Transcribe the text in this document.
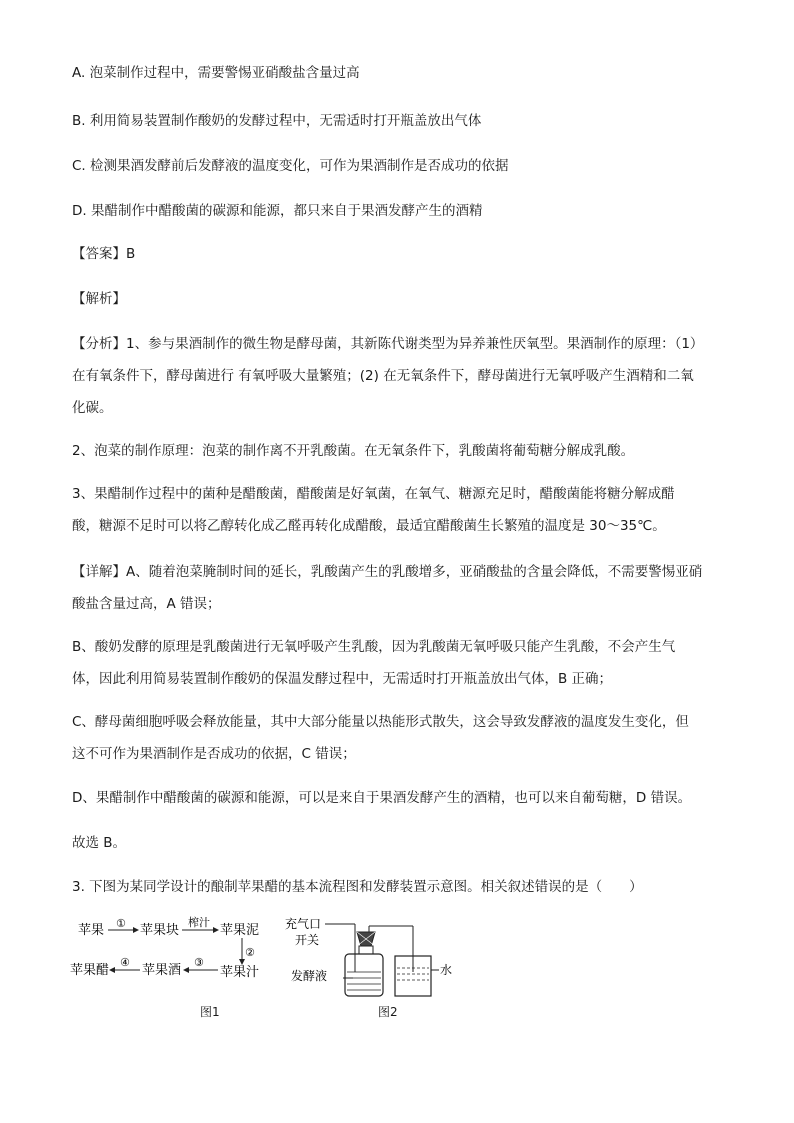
A. 泡菜制作过程中，需要警惕亚硝酸盐含量过高
B. 利用简易装置制作酸奶的发酵过程中，无需适时打开瓶盖放出气体
C. 检测果酒发酵前后发酵液的温度变化，可作为果酒制作是否成功的依据
D. 果醋制作中醋酸菌的碳源和能源，都只来自于果酒发酵产生的酒精
【答案】B
【解析】
【分析】1、参与果酒制作的微生物是酵母菌，其新陈代谢类型为异养兼性厌氧型。果酒制作的原理：（1）
在有氧条件下，酵母菌进行 有氧呼吸大量繁殖；(2) 在无氧条件下，酵母菌进行无氧呼吸产生酒精和二氧
化碳。
2、泡菜的制作原理：泡菜的制作离不开乳酸菌。在无氧条件下，乳酸菌将葡萄糖分解成乳酸。
3、果醋制作过程中的菌种是醋酸菌，醋酸菌是好氧菌，在氧气、糖源充足时，醋酸菌能将糖分解成醋
酸，糖源不足时可以将乙醇转化成乙醛再转化成醋酸，最适宜醋酸菌生长繁殖的温度是 30～35℃。
【详解】A、随着泡菜腌制时间的延长，乳酸菌产生的乳酸增多，亚硝酸盐的含量会降低，不需要警惕亚硝
酸盐含量过高，A 错误；
B、酸奶发酵的原理是乳酸菌进行无氧呼吸产生乳酸，因为乳酸菌无氧呼吸只能产生乳酸，不会产生气
体，因此利用简易装置制作酸奶的保温发酵过程中，无需适时打开瓶盖放出气体，B 正确；
C、酵母菌细胞呼吸会释放能量，其中大部分能量以热能形式散失，这会导致发酵液的温度发生变化，但
这不可作为果酒制作是否成功的依据，C 错误；
D、果醋制作中醋酸菌的碳源和能源，可以是来自于果酒发酵产生的酒精，也可以来自葡萄糖，D 错误。
故选 B。
3. 下图为某同学设计的酿制苹果醋的基本流程图和发酵装置示意图。相关叙述错误的是（　　）
苹果 ① 苹果块
榨汁
苹果泥
②
苹果汁
③
苹果酒
④
苹果醋
图1
充气口
开关
发酵液	水
图2
